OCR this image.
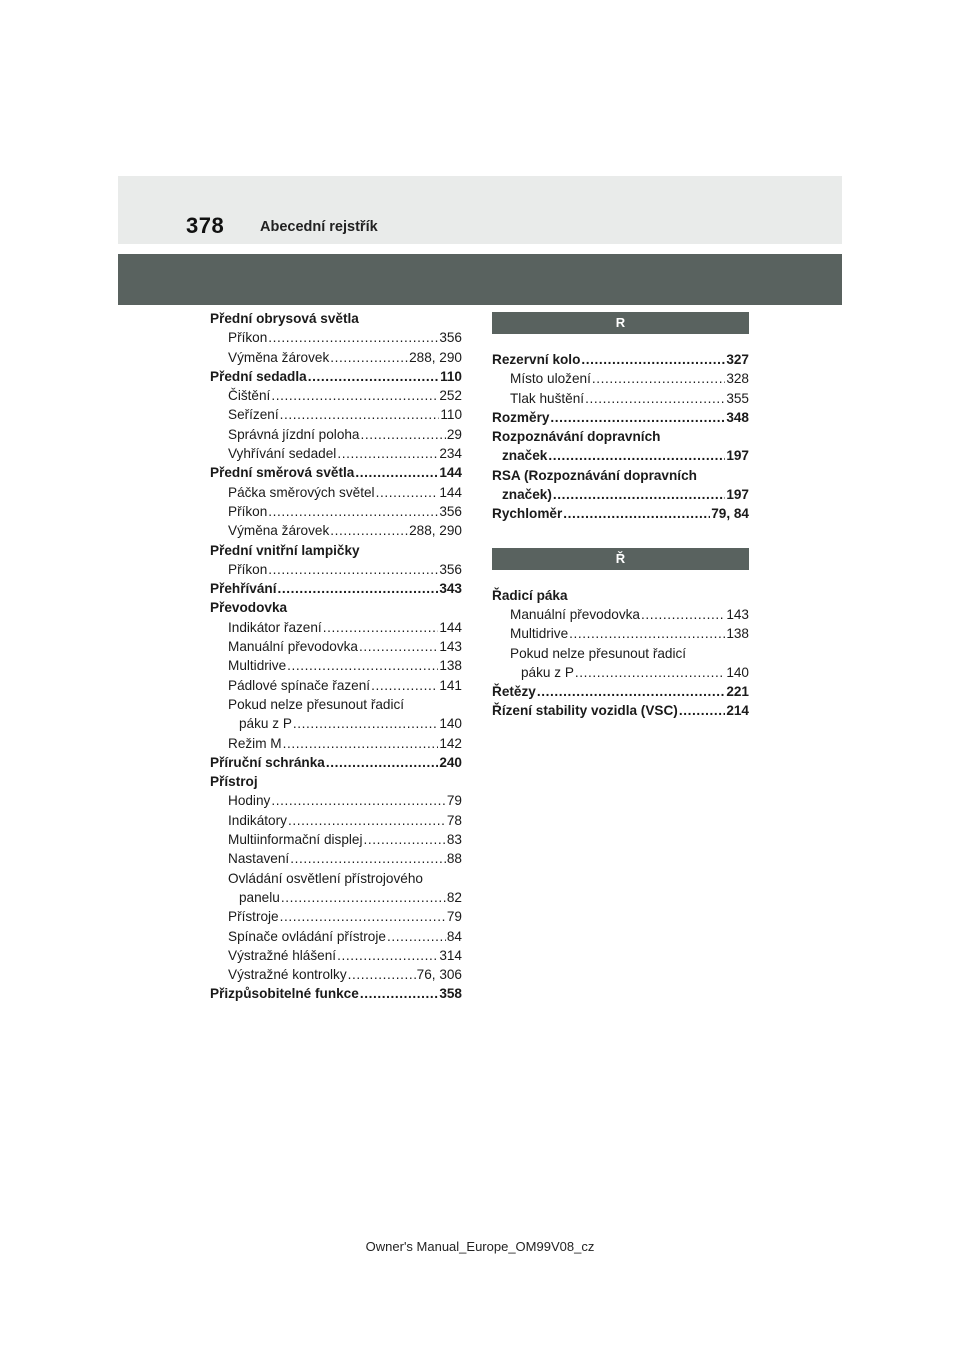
378 Abecední rejstřík
Přední obrysová světla
Příkon .....	356
Výměna žárovek .....	288, 290
Přední sedadla .....	110
Čištění .....	252
Seřízení .....	110
Správná jízdní poloha .....	29
Vyhřívání sedadel .....	234
Přední směrová světla .....	144
Páčka směrových světel .....	144
Příkon .....	356
Výměna žárovek .....	288, 290
Přední vnitřní lampičky
Příkon .....	356
Přehřívání .....	343
Převodovka
Indikátor řazení .....	144
Manuální převodovka .....	143
Multidrive .....	138
Pádlové spínače řazení .....	141
Pokud nelze přesunout řadicí
páku z P .....	140
Režim M .....	142
Příruční schránka .....	240
Přístroj
Hodiny .....	79
Indikátory .....	78
Multiinformační displej .....	83
Nastavení .....	88
Ovládání osvětlení přístrojového
panelu .....	82
Přístroje .....	79
Spínače ovládání přístroje .....	84
Výstražné hlášení .....	314
Výstražné kontrolky .....	76, 306
Přizpůsobitelné funkce .....	358
R
Rezervní kolo .....	327
Místo uložení .....	328
Tlak huštění .....	355
Rozměry .....	348
Rozpoznávání dopravních
značek .....	197
RSA (Rozpoznávání dopravních
značek) .....	197
Rychloměr .....	79, 84
Ř
Řadicí páka
Manuální převodovka .....	143
Multidrive .....	138
Pokud nelze přesunout řadicí
páku z P .....	140
Řetězy .....	221
Řízení stability vozidla (VSC) .....	214
Owner's Manual_Europe_OM99V08_cz
